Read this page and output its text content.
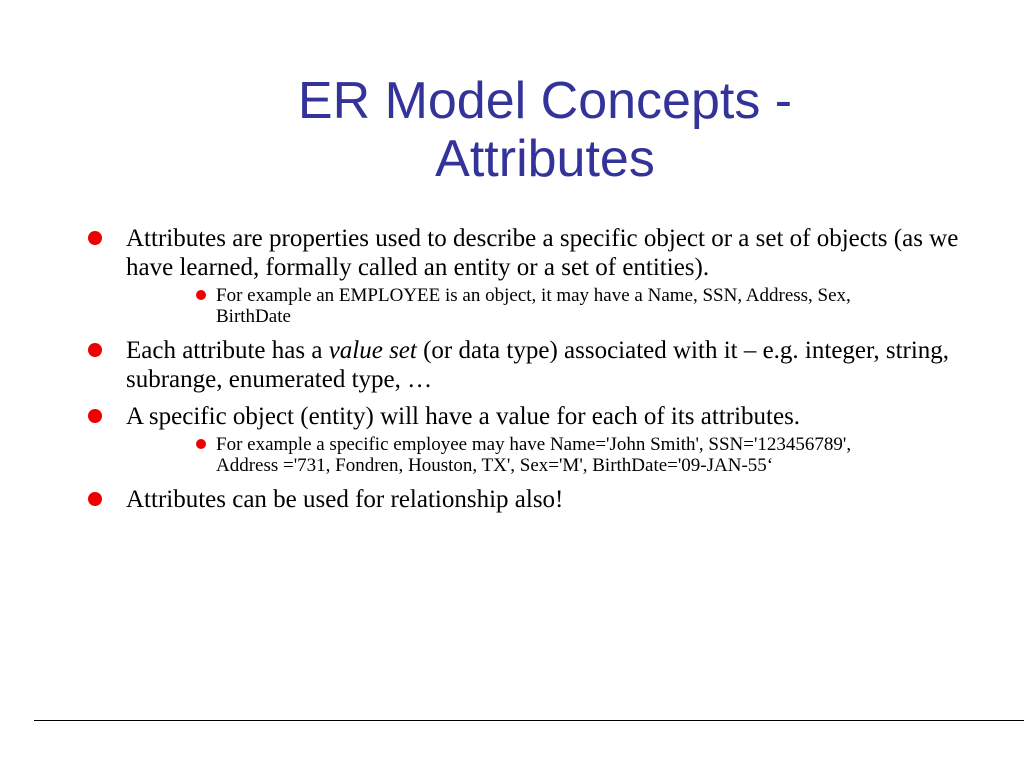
ER Model Concepts -
Attributes
Attributes are properties used to describe a specific object or a set of objects (as we have learned, formally called an entity or a set of entities).
For example an EMPLOYEE is an object, it may have a Name, SSN, Address, Sex, BirthDate
Each attribute has a value set (or data type) associated with it – e.g. integer, string, subrange, enumerated type, …
A specific object (entity) will have a value for each of its attributes.
For example a specific employee may have Name='John Smith', SSN='123456789', Address ='731, Fondren, Houston, TX', Sex='M', BirthDate='09-JAN-55‘
Attributes can be used for relationship also!
